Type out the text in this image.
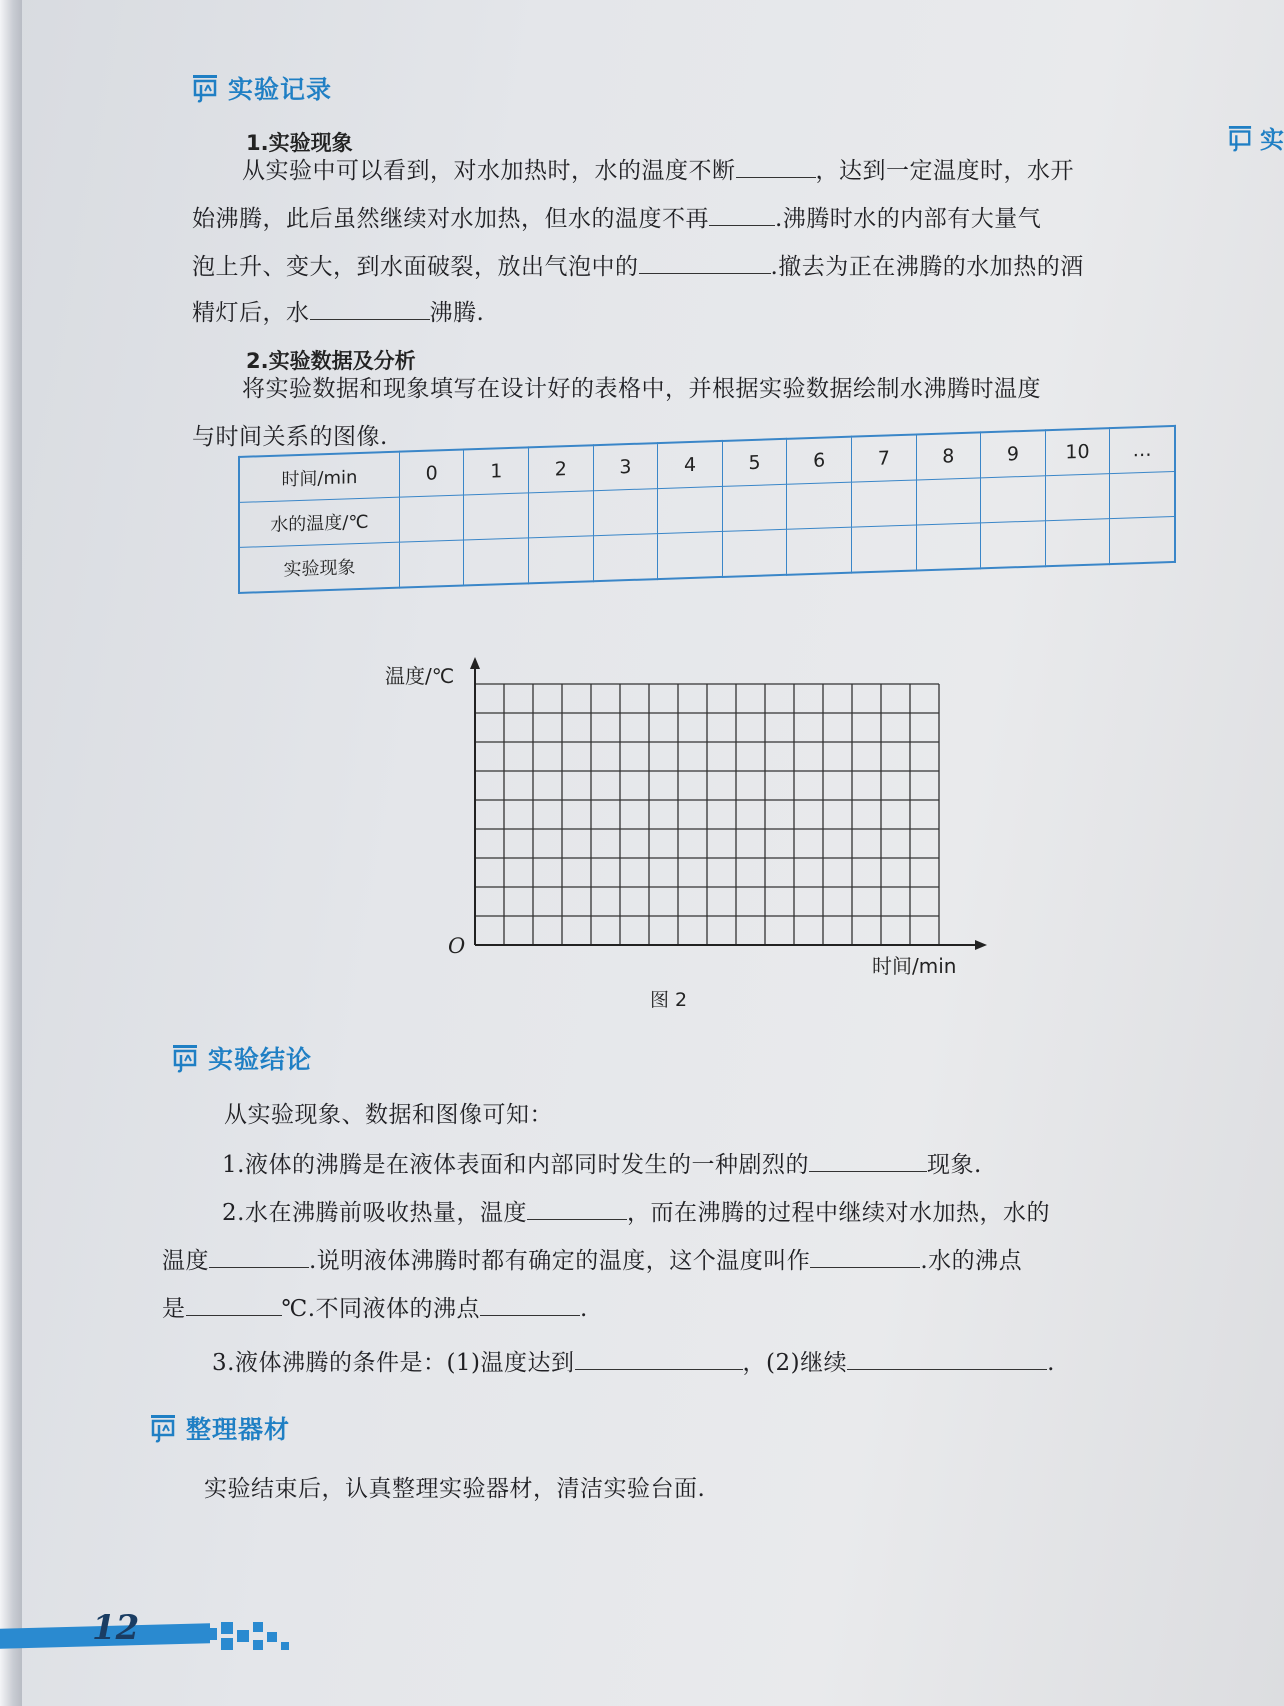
实验记录
实
1.实验现象
从实验中可以看到，对水加热时，水的温度不断	，达到一定温度时，水开
始沸腾，此后虽然继续对水加热，但水的温度不再	.沸腾时水的内部有大量气
泡上升、变大，到水面破裂，放出气泡中的	.撤去为正在沸腾的水加热的酒
精灯后，水	沸腾.
2.实验数据及分析
将实验数据和现象填写在设计好的表格中，并根据实验数据绘制水沸腾时温度
与时间关系的图像.
时间/min	0	1	2	3	4	5	6	7	8	9	10	…
水的温度/℃												
实验现象												
温度/℃
O
时间/min
图 2
实验结论
从实验现象、数据和图像可知：
1.液体的沸腾是在液体表面和内部同时发生的一种剧烈的	现象.
2.水在沸腾前吸收热量，温度	，而在沸腾的过程中继续对水加热，水的
温度	.说明液体沸腾时都有确定的温度，这个温度叫作	.水的沸点
是	℃.不同液体的沸点	.
3.液体沸腾的条件是：(1)温度达到	，(2)继续	.
整理器材
实验结束后，认真整理实验器材，清洁实验台面.
12
